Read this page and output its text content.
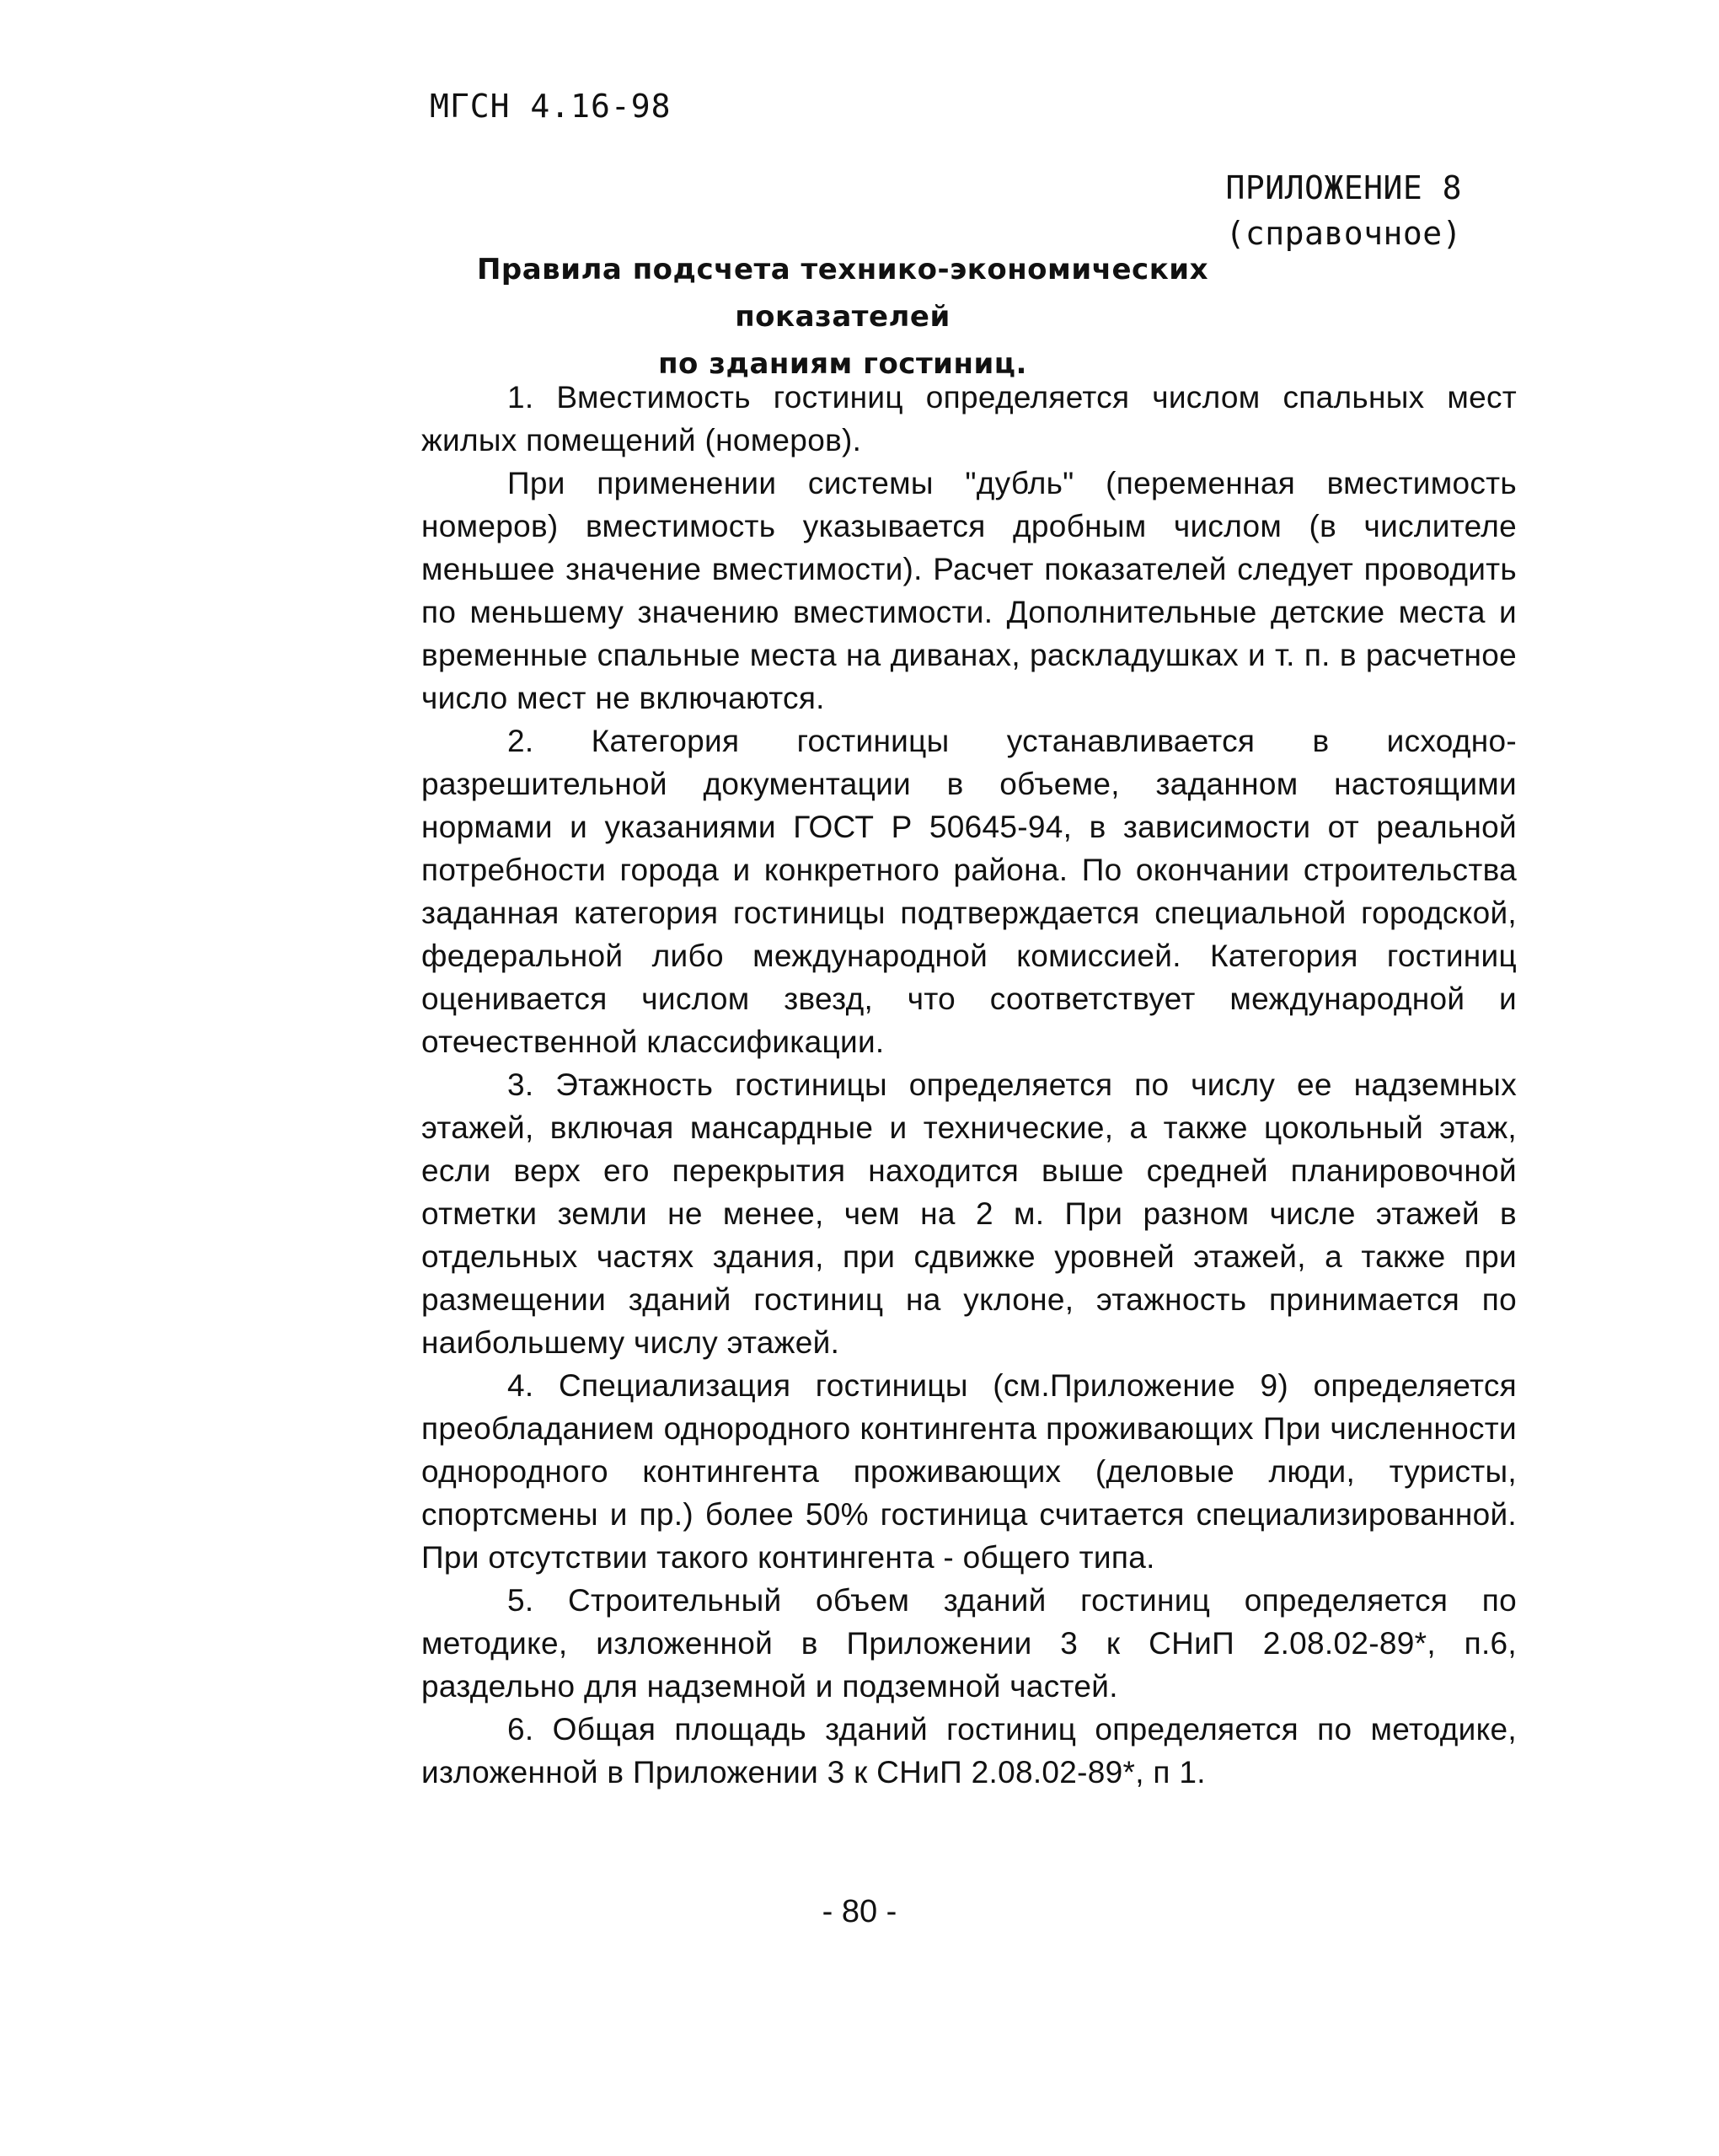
МГСН 4.16-98
ПРИЛОЖЕНИЕ 8
(справочное)
Правила подсчета технико-экономических показателей
по зданиям гостиниц.

1. Вместимость гостиниц определяется числом спальных мест жилых помещений (номеров).

При применении системы "дубль" (переменная вместимость номеров) вместимость указывается дробным числом (в числителе меньшее значение вместимости). Расчет показателей следует проводить по меньшему значению вместимости. Дополнительные детские места и временные спальные места на диванах, раскладушках и т. п. в расчетное число мест не включаются.

2. Категория гостиницы устанавливается в исходно-разрешительной документации в объеме, заданном настоящими нормами и указаниями ГОСТ Р 50645-94, в зависимости от реальной потребности города и конкретного района. По окончании строительства заданная категория гостиницы подтверждается специальной городской, федеральной либо международной комиссией. Категория гостиниц оценивается числом звезд, что соответствует международной и отечественной классификации.

3. Этажность гостиницы определяется по числу ее надземных этажей, включая мансардные и технические, а также цокольный этаж, если верх его перекрытия находится выше средней планировочной отметки земли не менее, чем на 2 м. При разном числе этажей в отдельных частях здания, при сдвижке уровней этажей, а также при размещении зданий гостиниц на уклоне, этажность принимается по наибольшему числу этажей.

4. Специализация гостиницы (см.Приложение 9) определяется преобладанием однородного контингента проживающих При численности однородного контингента проживающих (деловые люди, туристы, спортсмены и пр.) более 50% гостиница считается специализированной. При отсутствии такого контингента - общего типа.

5. Строительный объем зданий гостиниц определяется по методике, изложенной в Приложении 3 к СНиП 2.08.02-89*, п.6, раздельно для надземной и подземной частей.

6. Общая площадь зданий гостиниц определяется по методике, изложенной в Приложении 3 к СНиП 2.08.02-89*, п 1.

- 80 -
